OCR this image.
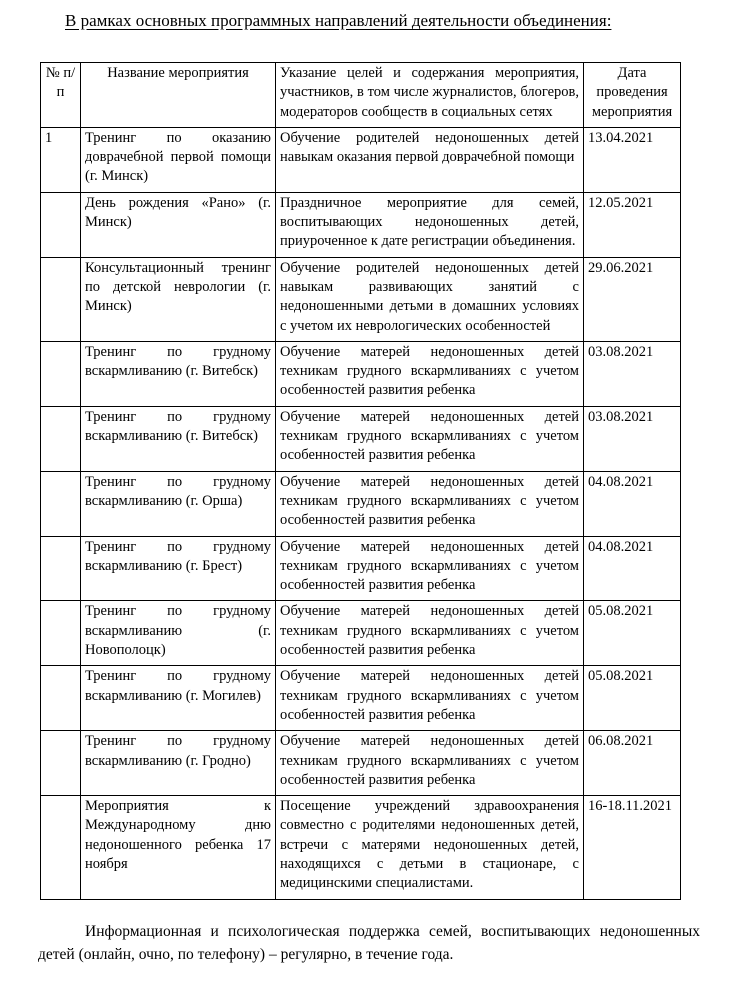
В рамках основных программных направлений деятельности объединения:

№ п/п	Название мероприятия	Указание целей и содержания мероприятия, участников, в том числе журналистов, блогеров, модераторов сообществ в социальных сетях	Дата проведения мероприятия
1	Тренинг по оказанию доврачебной первой помощи (г. Минск)	Обучение родителей недоношенных детей навыкам оказания первой доврачебной помощи	13.04.2021
	День рождения «Рано» (г. Минск)	Праздничное мероприятие для семей, воспитывающих недоношенных детей, приуроченное к дате регистрации объединения.	12.05.2021
	Консультационный тренинг по детской неврологии (г. Минск)	Обучение родителей недоношенных детей навыкам развивающих занятий с недоношенными детьми в домашних условиях с учетом их неврологических особенностей	29.06.2021
	Тренинг по грудному вскармливанию (г. Витебск)	Обучение матерей недоношенных детей техникам грудного вскармливаниях с учетом особенностей развития ребенка	03.08.2021
	Тренинг по грудному вскармливанию (г. Витебск)	Обучение матерей недоношенных детей техникам грудного вскармливаниях с учетом особенностей развития ребенка	03.08.2021
	Тренинг по грудному вскармливанию (г. Орша)	Обучение матерей недоношенных детей техникам грудного вскармливаниях с учетом особенностей развития ребенка	04.08.2021
	Тренинг по грудному вскармливанию (г. Брест)	Обучение матерей недоношенных детей техникам грудного вскармливаниях с учетом особенностей развития ребенка	04.08.2021
	Тренинг по грудному вскармливанию (г. Новополоцк)	Обучение матерей недоношенных детей техникам грудного вскармливаниях с учетом особенностей развития ребенка	05.08.2021
	Тренинг по грудному вскармливанию (г. Могилев)	Обучение матерей недоношенных детей техникам грудного вскармливаниях с учетом особенностей развития ребенка	05.08.2021
	Тренинг по грудному вскармливанию (г. Гродно)	Обучение матерей недоношенных детей техникам грудного вскармливаниях с учетом особенностей развития ребенка	06.08.2021
	Мероприятия к Международному дню недоношенного ребенка 17 ноября	Посещение учреждений здравоохранения совместно с родителями недоношенных детей, встречи с матерями недоношенных детей, находящихся с детьми в стационаре, с медицинскими специалистами.	16-18.11.2021

Информационная и психологическая поддержка семей, воспитывающих недоношенных детей (онлайн, очно, по телефону) – регулярно, в течение года.
